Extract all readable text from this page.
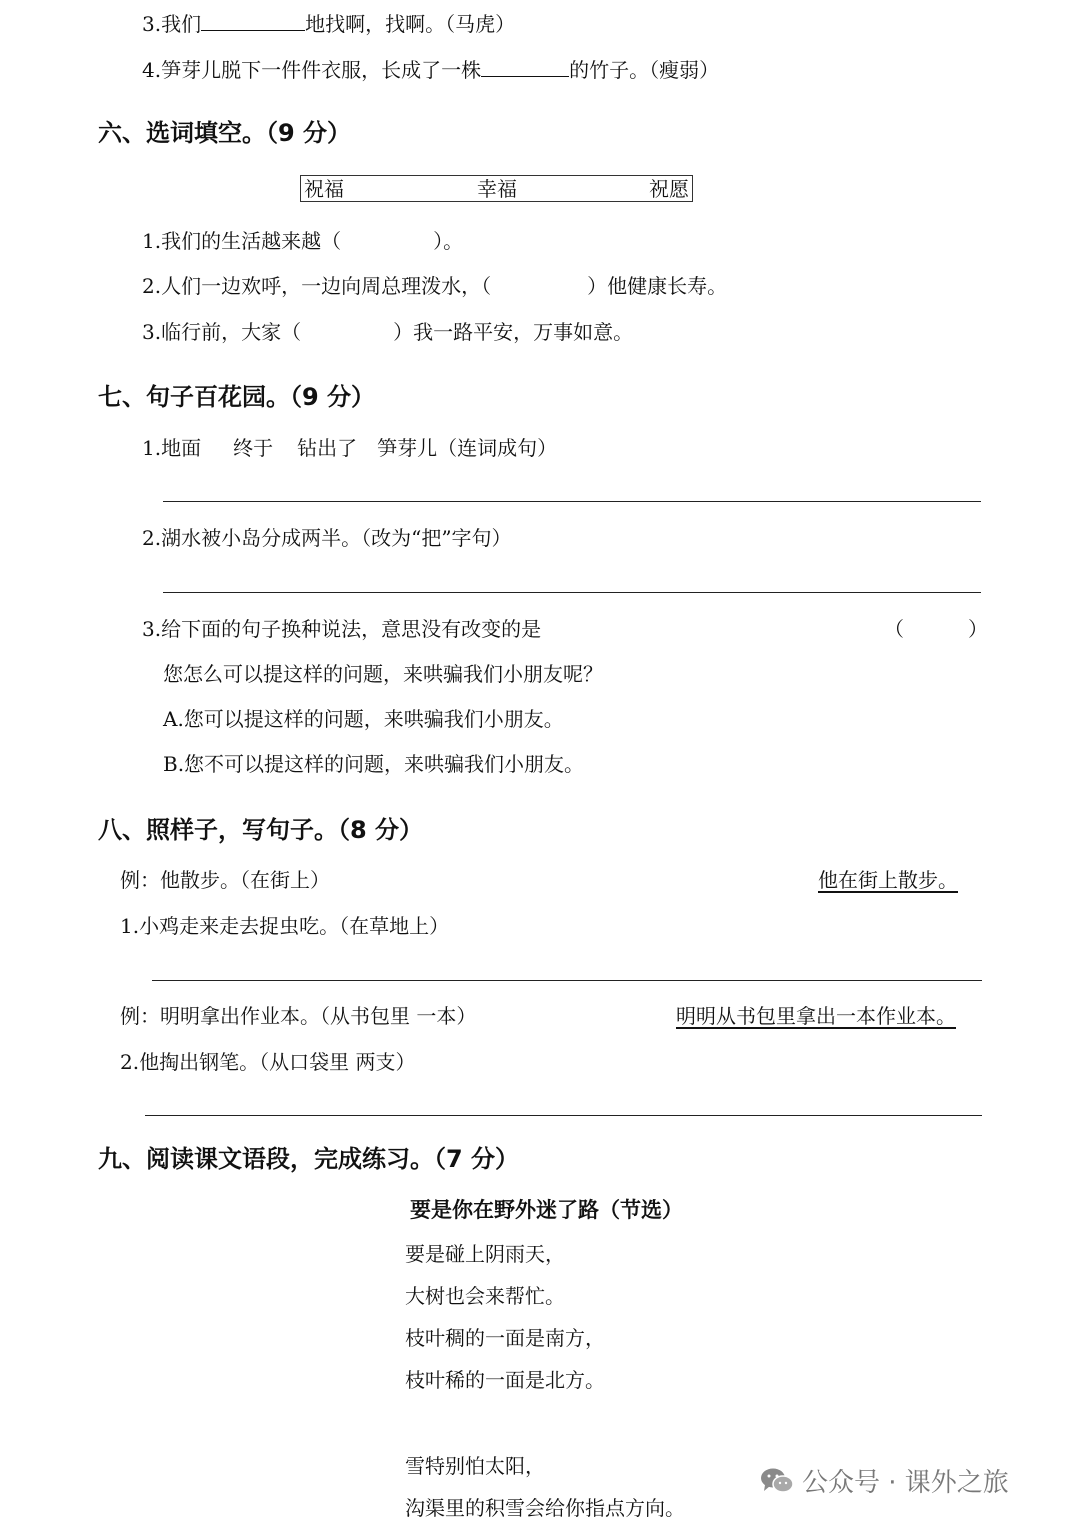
3.我们	地找啊，找啊。（马虎）
4.笋芽儿脱下一件件衣服，长成了一株	的竹子。（瘦弱）
六、选词填空。（9 分）
祝福	幸福	祝愿
1.我们的生活越来越（	）。
2.人们一边欢呼，一边向周总理泼水，（	）他健康长寿。
3.临行前，大家（	）我一路平安，万事如意。
七、句子百花园。（9 分）
1.地面 终于 钻出了 笋芽儿（连词成句）
2.湖水被小岛分成两半。（改为“把”字句）
3.给下面的句子换种说法，意思没有改变的是	（	）
您怎么可以提这样的问题，来哄骗我们小朋友呢？
A.您可以提这样的问题，来哄骗我们小朋友。
B.您不可以提这样的问题，来哄骗我们小朋友。
八、照样子，写句子。（8 分）
例：他散步。（在街上）	他在街上散步。
1.小鸡走来走去捉虫吃。（在草地上）
例：明明拿出作业本。（从书包里 一本）	明明从书包里拿出一本作业本。
2.他掏出钢笔。（从口袋里 两支）
九、阅读课文语段，完成练习。（7 分）
要是你在野外迷了路（节选）
要是碰上阴雨天，
大树也会来帮忙。
枝叶稠的一面是南方，
枝叶稀的一面是北方。
雪特别怕太阳，
沟渠里的积雪会给你指点方向。
公众号 · 课外之旅
